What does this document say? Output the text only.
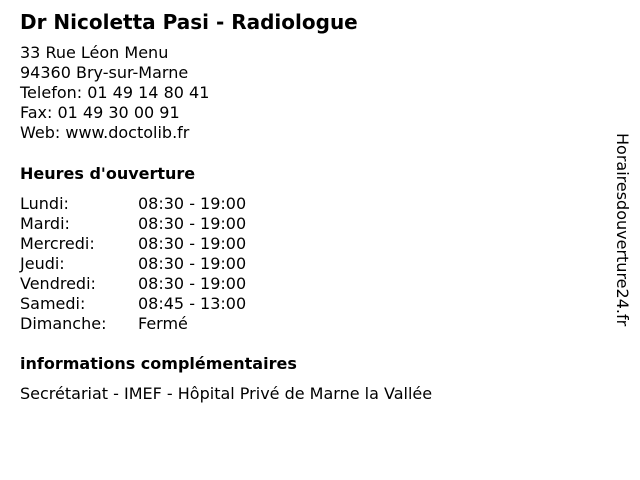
Dr Nicoletta Pasi - Radiologue
33 Rue Léon Menu
94360 Bry-sur-Marne
Telefon: 01 49 14 80 41
Fax: 01 49 30 00 91
Web: www.doctolib.fr
Heures d'ouverture
Lundi:	08:30 - 19:00
Mardi:	08:30 - 19:00
Mercredi:	08:30 - 19:00
Jeudi:	08:30 - 19:00
Vendredi:	08:30 - 19:00
Samedi:	08:45 - 13:00
Dimanche:	Fermé
informations complémentaires
Secrétariat - IMEF - Hôpital Privé de Marne la Vallée
Horairesdouverture24.fr
